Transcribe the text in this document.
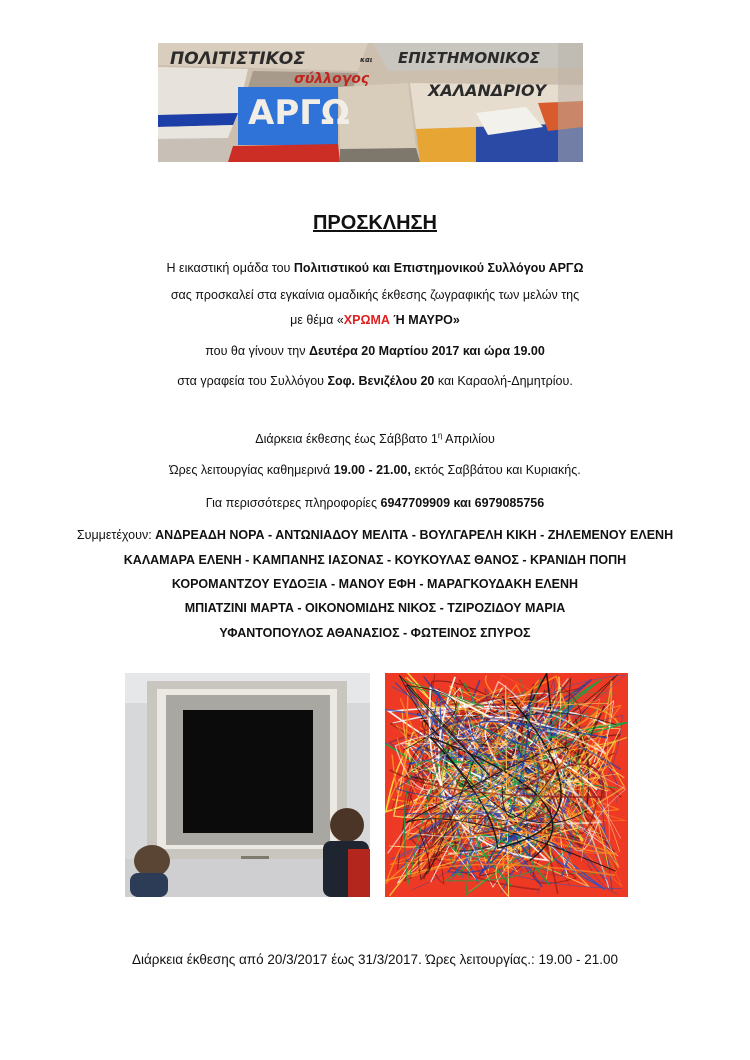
ΠΟΛΙΤΙΣΤΙΚΟΣ	και ΕΠΙΣΤΗΜΟΝΙΚΟΣ
σύλλογος
ΧΑΛΑΝΔΡΙΟΥ
ΑΡΓΩ
ΠΡΟΣΚΛΗΣΗ
Η εικαστική ομάδα του Πολιτιστικού και Επιστημονικού Συλλόγου ΑΡΓΩ
σας προσκαλεί στα εγκαίνια ομαδικής έκθεσης ζωγραφικής των μελών της
με θέμα «ΧΡΩΜΑ Ή ΜΑΥΡΟ»
που θα γίνουν την Δευτέρα 20 Μαρτίου 2017 και ώρα 19.00
στα γραφεία του Συλλόγου Σοφ. Βενιζέλου 20 και Καραολή-Δημητρίου.
Διάρκεια έκθεσης έως Σάββατο $1^\eta$ Απριλίου
Ώρες λειτουργίας καθημερινά 19.00 - 21.00, εκτός Σαββάτου και Κυριακής.
Για περισσότερες πληροφορίες 6947709909 και 6979085756
Συμμετέχουν: ΑΝΔΡΕΑΔΗ ΝΟΡΑ - ΑΝΤΩΝΙΑΔΟΥ ΜΕΛΙΤΑ - ΒΟΥΛΓΑΡΕΛΗ ΚΙΚΗ - ΖΗΛΕΜΕΝΟΥ ΕΛΕΝΗ
ΚΑΛΑΜΑΡΑ ΕΛΕΝΗ - ΚΑΜΠΑΝΗΣ ΙΑΣΟΝΑΣ - ΚΟΥΚΟΥΛΑΣ ΘΑΝΟΣ - ΚΡΑΝΙΔΗ ΠΟΠΗ
ΚΟΡΟΜΑΝΤΖΟΥ ΕΥΔΟΞΙΑ - ΜΑΝΟΥ ΕΦΗ - ΜΑΡΑΓΚΟΥΔΑΚΗ ΕΛΕΝΗ
ΜΠΙΑΤΖΙΝΙ ΜΑΡΤΑ - ΟΙΚΟΝΟΜΙΔΗΣ ΝΙΚΟΣ - ΤΖΙΡΟΖΙΔΟΥ ΜΑΡΙΑ
ΥΦΑΝΤΟΠΟΥΛΟΣ ΑΘΑΝΑΣΙΟΣ - ΦΩΤΕΙΝΟΣ ΣΠΥΡΟΣ
Διάρκεια έκθεσης από 20/3/2017 έως 31/3/2017. Ώρες λειτουργίας.: 19.00 - 21.00
